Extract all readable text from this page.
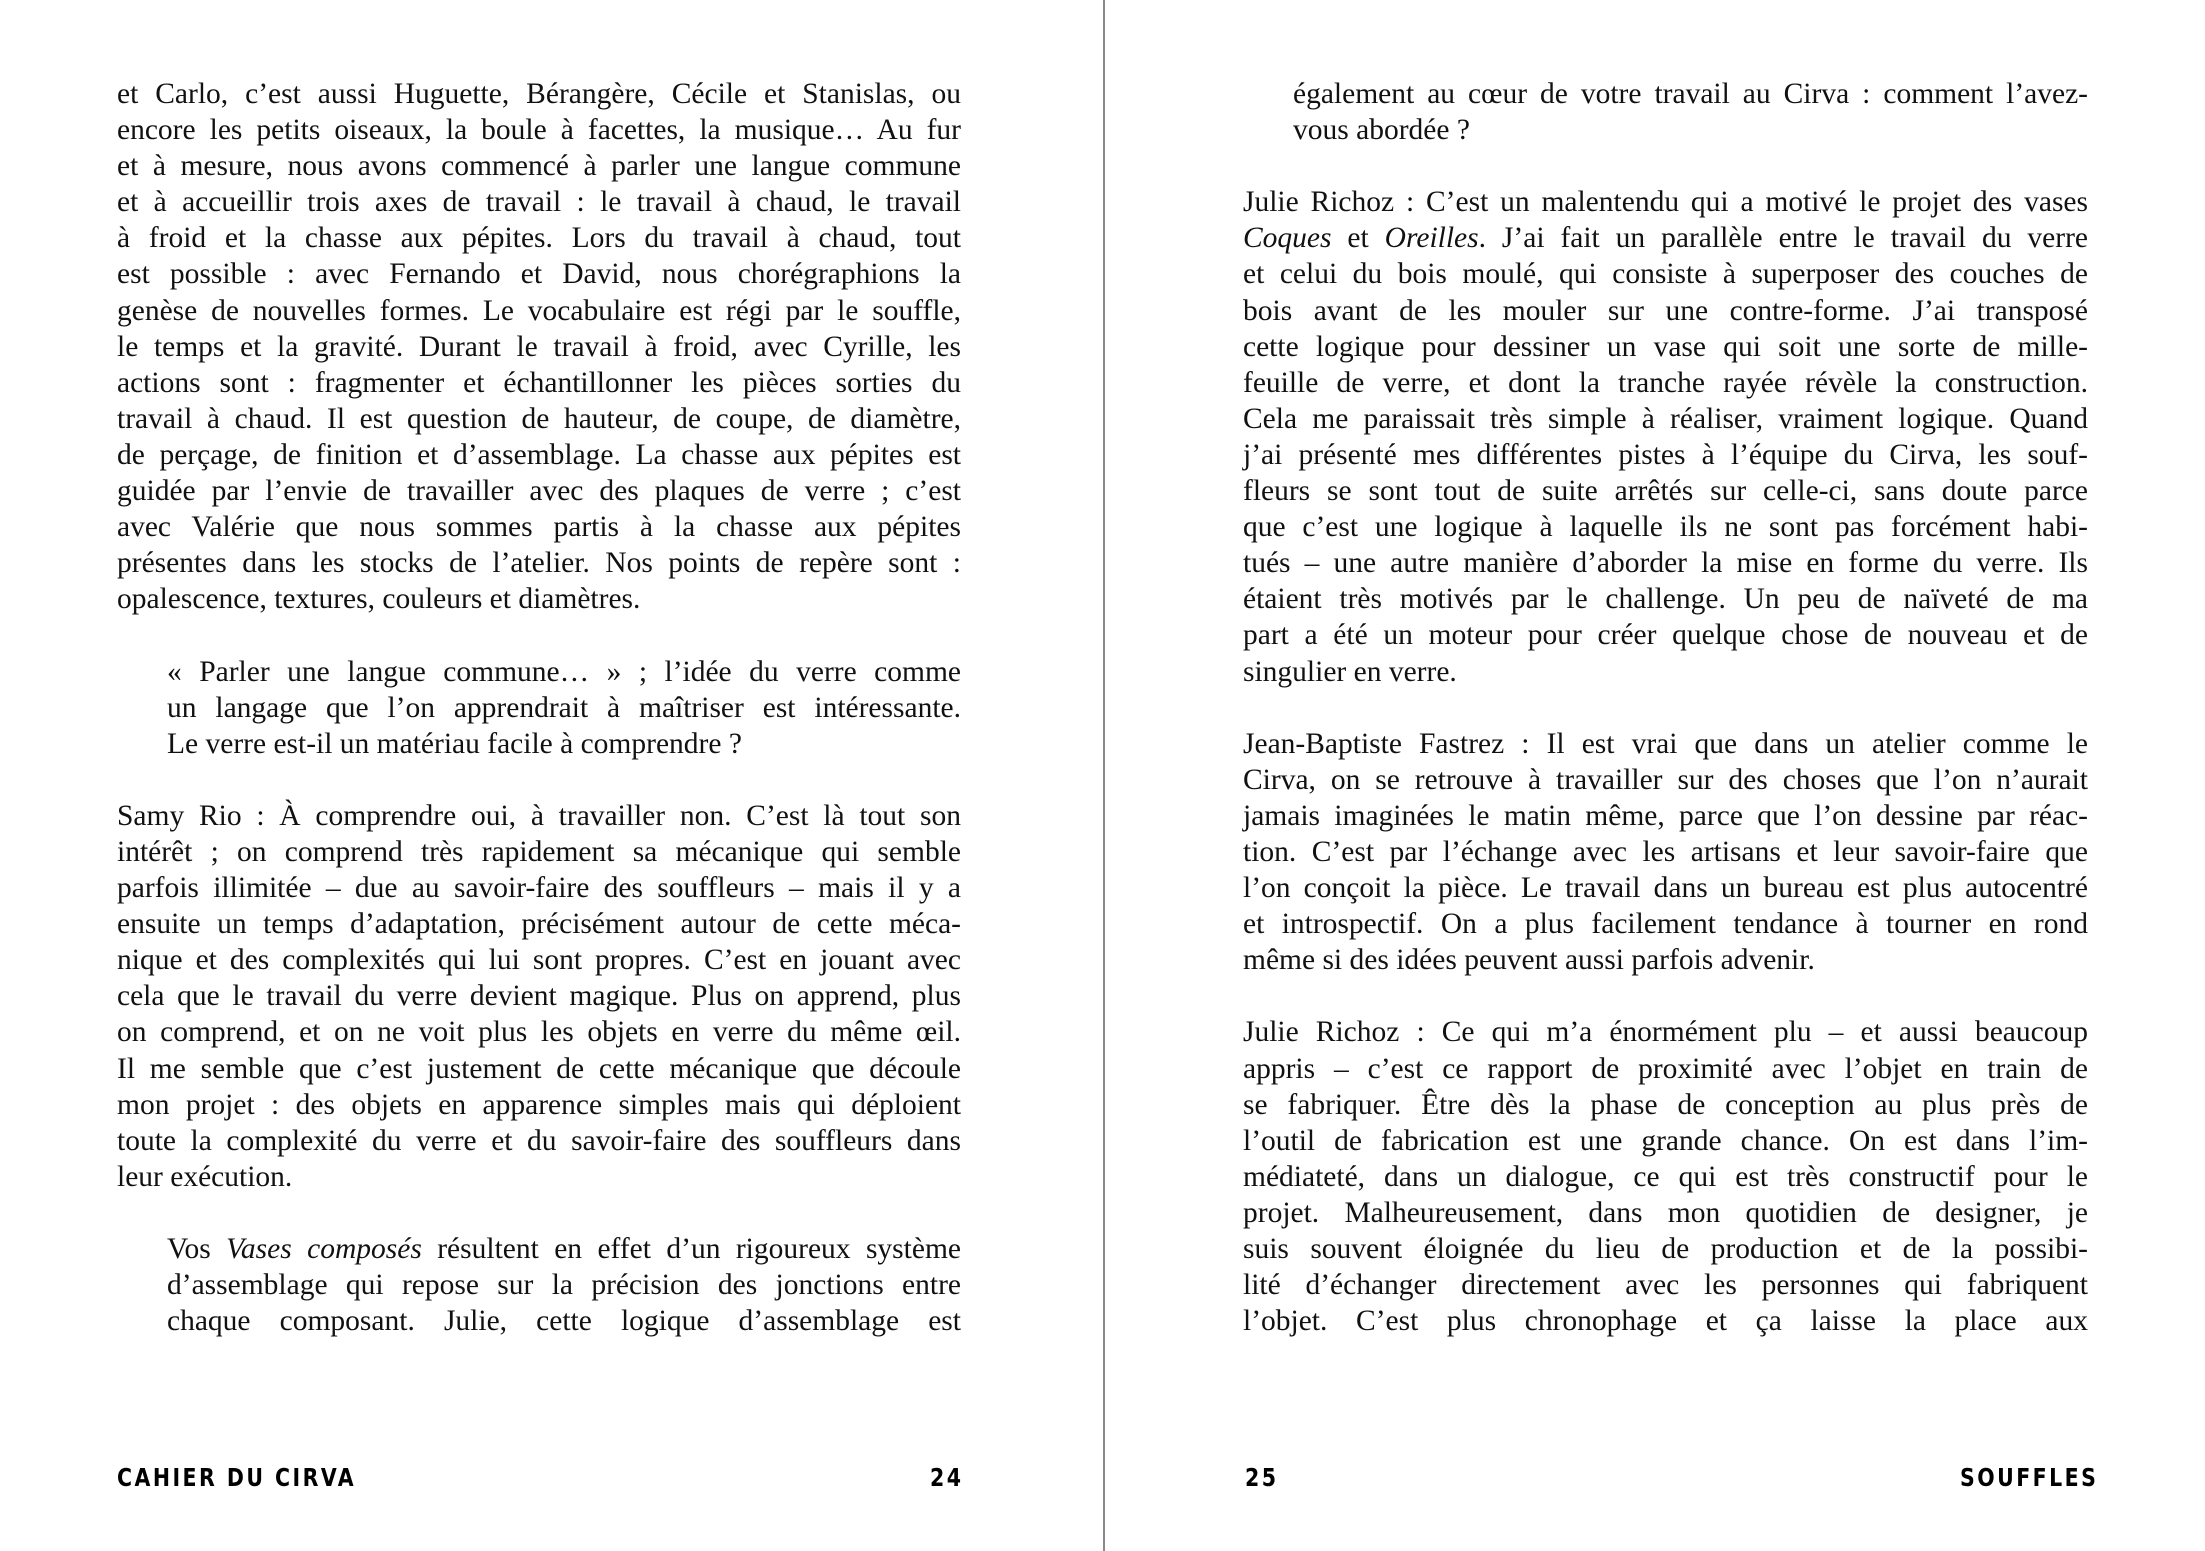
et Carlo, c’est aussi Huguette, Bérangère, Cécile et Stanislas, ou
encore les petits oiseaux, la boule à facettes, la musique… Au fur
et à mesure, nous avons commencé à parler une langue commune
et à accueillir trois axes de travail : le travail à chaud, le travail
à froid et la chasse aux pépites. Lors du travail à chaud, tout
est possible : avec Fernando et David, nous chorégraphions la
genèse de nouvelles formes. Le vocabulaire est régi par le souffle,
le temps et la gravité. Durant le travail à froid, avec Cyrille, les
actions sont : fragmenter et échantillonner les pièces sorties du
travail à chaud. Il est question de hauteur, de coupe, de diamètre,
de perçage, de finition et d’assemblage. La chasse aux pépites est
guidée par l’envie de travailler avec des plaques de verre ; c’est
avec Valérie que nous sommes partis à la chasse aux pépites
présentes dans les stocks de l’atelier. Nos points de repère sont :
opalescence, textures, couleurs et diamètres.

« Parler une langue commune… » ; l’idée du verre comme
un langage que l’on apprendrait à maîtriser est intéressante.
Le verre est-il un matériau facile à comprendre ?

Samy Rio : À comprendre oui, à travailler non. C’est là tout son
intérêt ; on comprend très rapidement sa mécanique qui semble
parfois illimitée – due au savoir-faire des souffleurs – mais il y a
ensuite un temps d’adaptation, précisément autour de cette méca-
nique et des complexités qui lui sont propres. C’est en jouant avec
cela que le travail du verre devient magique. Plus on apprend, plus
on comprend, et on ne voit plus les objets en verre du même œil.
Il me semble que c’est justement de cette mécanique que découle
mon projet : des objets en apparence simples mais qui déploient
toute la complexité du verre et du savoir-faire des souffleurs dans
leur exécution.

Vos Vases composés résultent en effet d’un rigoureux système
d’assemblage qui repose sur la précision des jonctions entre
chaque composant. Julie, cette logique d’assemblage est

CAHIER DU CIRVA	24

également au cœur de votre travail au Cirva : comment l’avez-
vous abordée ?

Julie Richoz : C’est un malentendu qui a motivé le projet des vases
Coques et Oreilles. J’ai fait un parallèle entre le travail du verre
et celui du bois moulé, qui consiste à superposer des couches de
bois avant de les mouler sur une contre-forme. J’ai transposé
cette logique pour dessiner un vase qui soit une sorte de mille-
feuille de verre, et dont la tranche rayée révèle la construction.
Cela me paraissait très simple à réaliser, vraiment logique. Quand
j’ai présenté mes différentes pistes à l’équipe du Cirva, les souf-
fleurs se sont tout de suite arrêtés sur celle-ci, sans doute parce
que c’est une logique à laquelle ils ne sont pas forcément habi-
tués – une autre manière d’aborder la mise en forme du verre. Ils
étaient très motivés par le challenge. Un peu de naïveté de ma
part a été un moteur pour créer quelque chose de nouveau et de
singulier en verre.

Jean-Baptiste Fastrez : Il est vrai que dans un atelier comme le
Cirva, on se retrouve à travailler sur des choses que l’on n’aurait
jamais imaginées le matin même, parce que l’on dessine par réac-
tion. C’est par l’échange avec les artisans et leur savoir-faire que
l’on conçoit la pièce. Le travail dans un bureau est plus autocentré
et introspectif. On a plus facilement tendance à tourner en rond
même si des idées peuvent aussi parfois advenir.

Julie Richoz : Ce qui m’a énormément plu – et aussi beaucoup
appris – c’est ce rapport de proximité avec l’objet en train de
se fabriquer. Être dès la phase de conception au plus près de
l’outil de fabrication est une grande chance. On est dans l’im-
médiateté, dans un dialogue, ce qui est très constructif pour le
projet. Malheureusement, dans mon quotidien de designer, je
suis souvent éloignée du lieu de production et de la possibi-
lité d’échanger directement avec les personnes qui fabriquent
l’objet. C’est plus chronophage et ça laisse la place aux

25	SOUFFLES
